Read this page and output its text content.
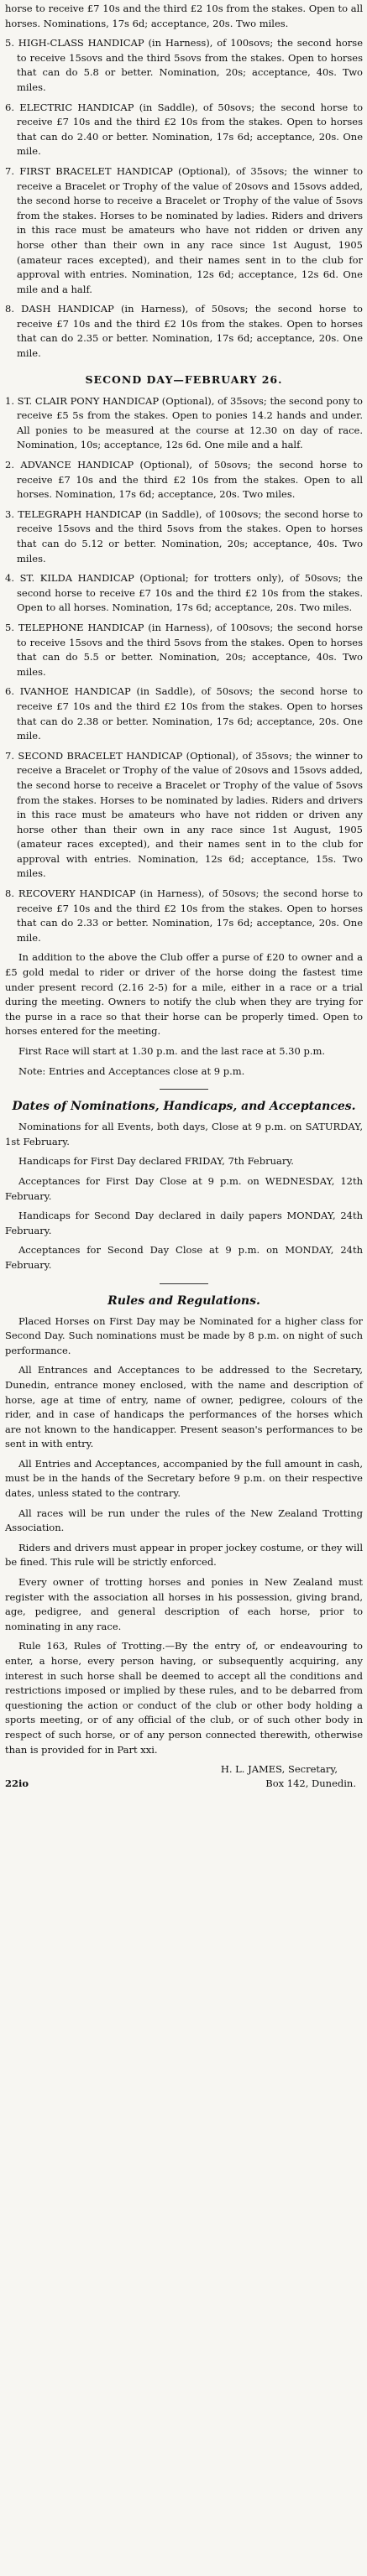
horse to receive £7 10s and the third £2 10s from the stakes. Open to all horses. Nominations, 17s 6d; acceptance, 20s. Two miles.

5. HIGH-CLASS HANDICAP (in Harness), of 100sovs; the second horse to receive 15sovs and the third 5sovs from the stakes. Open to horses that can do 5.8 or better. Nomination, 20s; acceptance, 40s. Two miles.

6. ELECTRIC HANDICAP (in Saddle), of 50sovs; the second horse to receive £7 10s and the third £2 10s from the stakes. Open to horses that can do 2.40 or better. Nomination, 17s 6d; acceptance, 20s. One mile.

7. FIRST BRACELET HANDICAP (Optional), of 35sovs; the winner to receive a Bracelet or Trophy of the value of 20sovs and 15sovs added, the second horse to receive a Bracelet or Trophy of the value of 5sovs from the stakes. Horses to be nominated by ladies. Riders and drivers in this race must be amateurs who have not ridden or driven any horse other than their own in any race since 1st August, 1905 (amateur races excepted), and their names sent in to the club for approval with entries. Nomination, 12s 6d; acceptance, 12s 6d. One mile and a half.

8. DASH HANDICAP (in Harness), of 50sovs; the second horse to receive £7 10s and the third £2 10s from the stakes. Open to horses that can do 2.35 or better. Nomination, 17s 6d; acceptance, 20s. One mile.

SECOND DAY—FEBRUARY 26.

1. ST. CLAIR PONY HANDICAP (Optional), of 35sovs; the second pony to receive £5 5s from the stakes. Open to ponies 14.2 hands and under. All ponies to be measured at the course at 12.30 on day of race. Nomination, 10s; acceptance, 12s 6d. One mile and a half.

2. ADVANCE HANDICAP (Optional), of 50sovs; the second horse to receive £7 10s and the third £2 10s from the stakes. Open to all horses. Nomination, 17s 6d; acceptance, 20s. Two miles.

3. TELEGRAPH HANDICAP (in Saddle), of 100sovs; the second horse to receive 15sovs and the third 5sovs from the stakes. Open to horses that can do 5.12 or better. Nomination, 20s; acceptance, 40s. Two miles.

4. ST. KILDA HANDICAP (Optional; for trotters only), of 50sovs; the second horse to receive £7 10s and the third £2 10s from the stakes. Open to all horses. Nomination, 17s 6d; acceptance, 20s. Two miles.

5. TELEPHONE HANDICAP (in Harness), of 100sovs; the second horse to receive 15sovs and the third 5sovs from the stakes. Open to horses that can do 5.5 or better. Nomination, 20s; acceptance, 40s. Two miles.

6. IVANHOE HANDICAP (in Saddle), of 50sovs; the second horse to receive £7 10s and the third £2 10s from the stakes. Open to horses that can do 2.38 or better. Nomination, 17s 6d; acceptance, 20s. One mile.

7. SECOND BRACELET HANDICAP (Optional), of 35sovs; the winner to receive a Bracelet or Trophy of the value of 20sovs and 15sovs added, the second horse to receive a Bracelet or Trophy of the value of 5sovs from the stakes. Horses to be nominated by ladies. Riders and drivers in this race must be amateurs who have not ridden or driven any horse other than their own in any race since 1st August, 1905 (amateur races excepted), and their names sent in to the club for approval with entries. Nomination, 12s 6d; acceptance, 15s. Two miles.

8. RECOVERY HANDICAP (in Harness), of 50sovs; the second horse to receive £7 10s and the third £2 10s from the stakes. Open to horses that can do 2.33 or better. Nomination, 17s 6d; acceptance, 20s. One mile.

In addition to the above the Club offer a purse of £20 to owner and a £5 gold medal to rider or driver of the horse doing the fastest time under present record (2.16 2-5) for a mile, either in a race or a trial during the meeting. Owners to notify the club when they are trying for the purse in a race so that their horse can be properly timed. Open to horses entered for the meeting.

First Race will start at 1.30 p.m. and the last race at 5.30 p.m.

Note: Entries and Acceptances close at 9 p.m.

Dates of Nominations, Handicaps, and Acceptances.

Nominations for all Events, both days, Close at 9 p.m. on SATURDAY, 1st February.

Handicaps for First Day declared FRIDAY, 7th February.

Acceptances for First Day Close at 9 p.m. on WEDNESDAY, 12th February.

Handicaps for Second Day declared in daily papers MONDAY, 24th February.

Acceptances for Second Day Close at 9 p.m. on MONDAY, 24th February.

Rules and Regulations.

Placed Horses on First Day may be Nominated for a higher class for Second Day. Such nominations must be made by 8 p.m. on night of such performance.

All Entrances and Acceptances to be addressed to the Secretary, Dunedin, entrance money enclosed, with the name and description of horse, age at time of entry, name of owner, pedigree, colours of the rider, and in case of handicaps the performances of the horses which are not known to the handicapper. Present season's performances to be sent in with entry.

All Entries and Acceptances, accompanied by the full amount in cash, must be in the hands of the Secretary before 9 p.m. on their respective dates, unless stated to the contrary.

All races will be run under the rules of the New Zealand Trotting Association.

Riders and drivers must appear in proper jockey costume, or they will be fined. This rule will be strictly enforced.

Every owner of trotting horses and ponies in New Zealand must register with the association all horses in his possession, giving brand, age, pedigree, and general description of each horse, prior to nominating in any race.

Rule 163, Rules of Trotting.—By the entry of, or endeavouring to enter, a horse, every person having, or subsequently acquiring, any interest in such horse shall be deemed to accept all the conditions and restrictions imposed or implied by these rules, and to be debarred from questioning the action or conduct of the club or other body holding a sports meeting, or of any official of the club, or of such other body in respect of such horse, or of any person connected therewith, otherwise than is provided for in Part xxi.

H. L. JAMES, Secretary,

22io	Box 142, Dunedin.
